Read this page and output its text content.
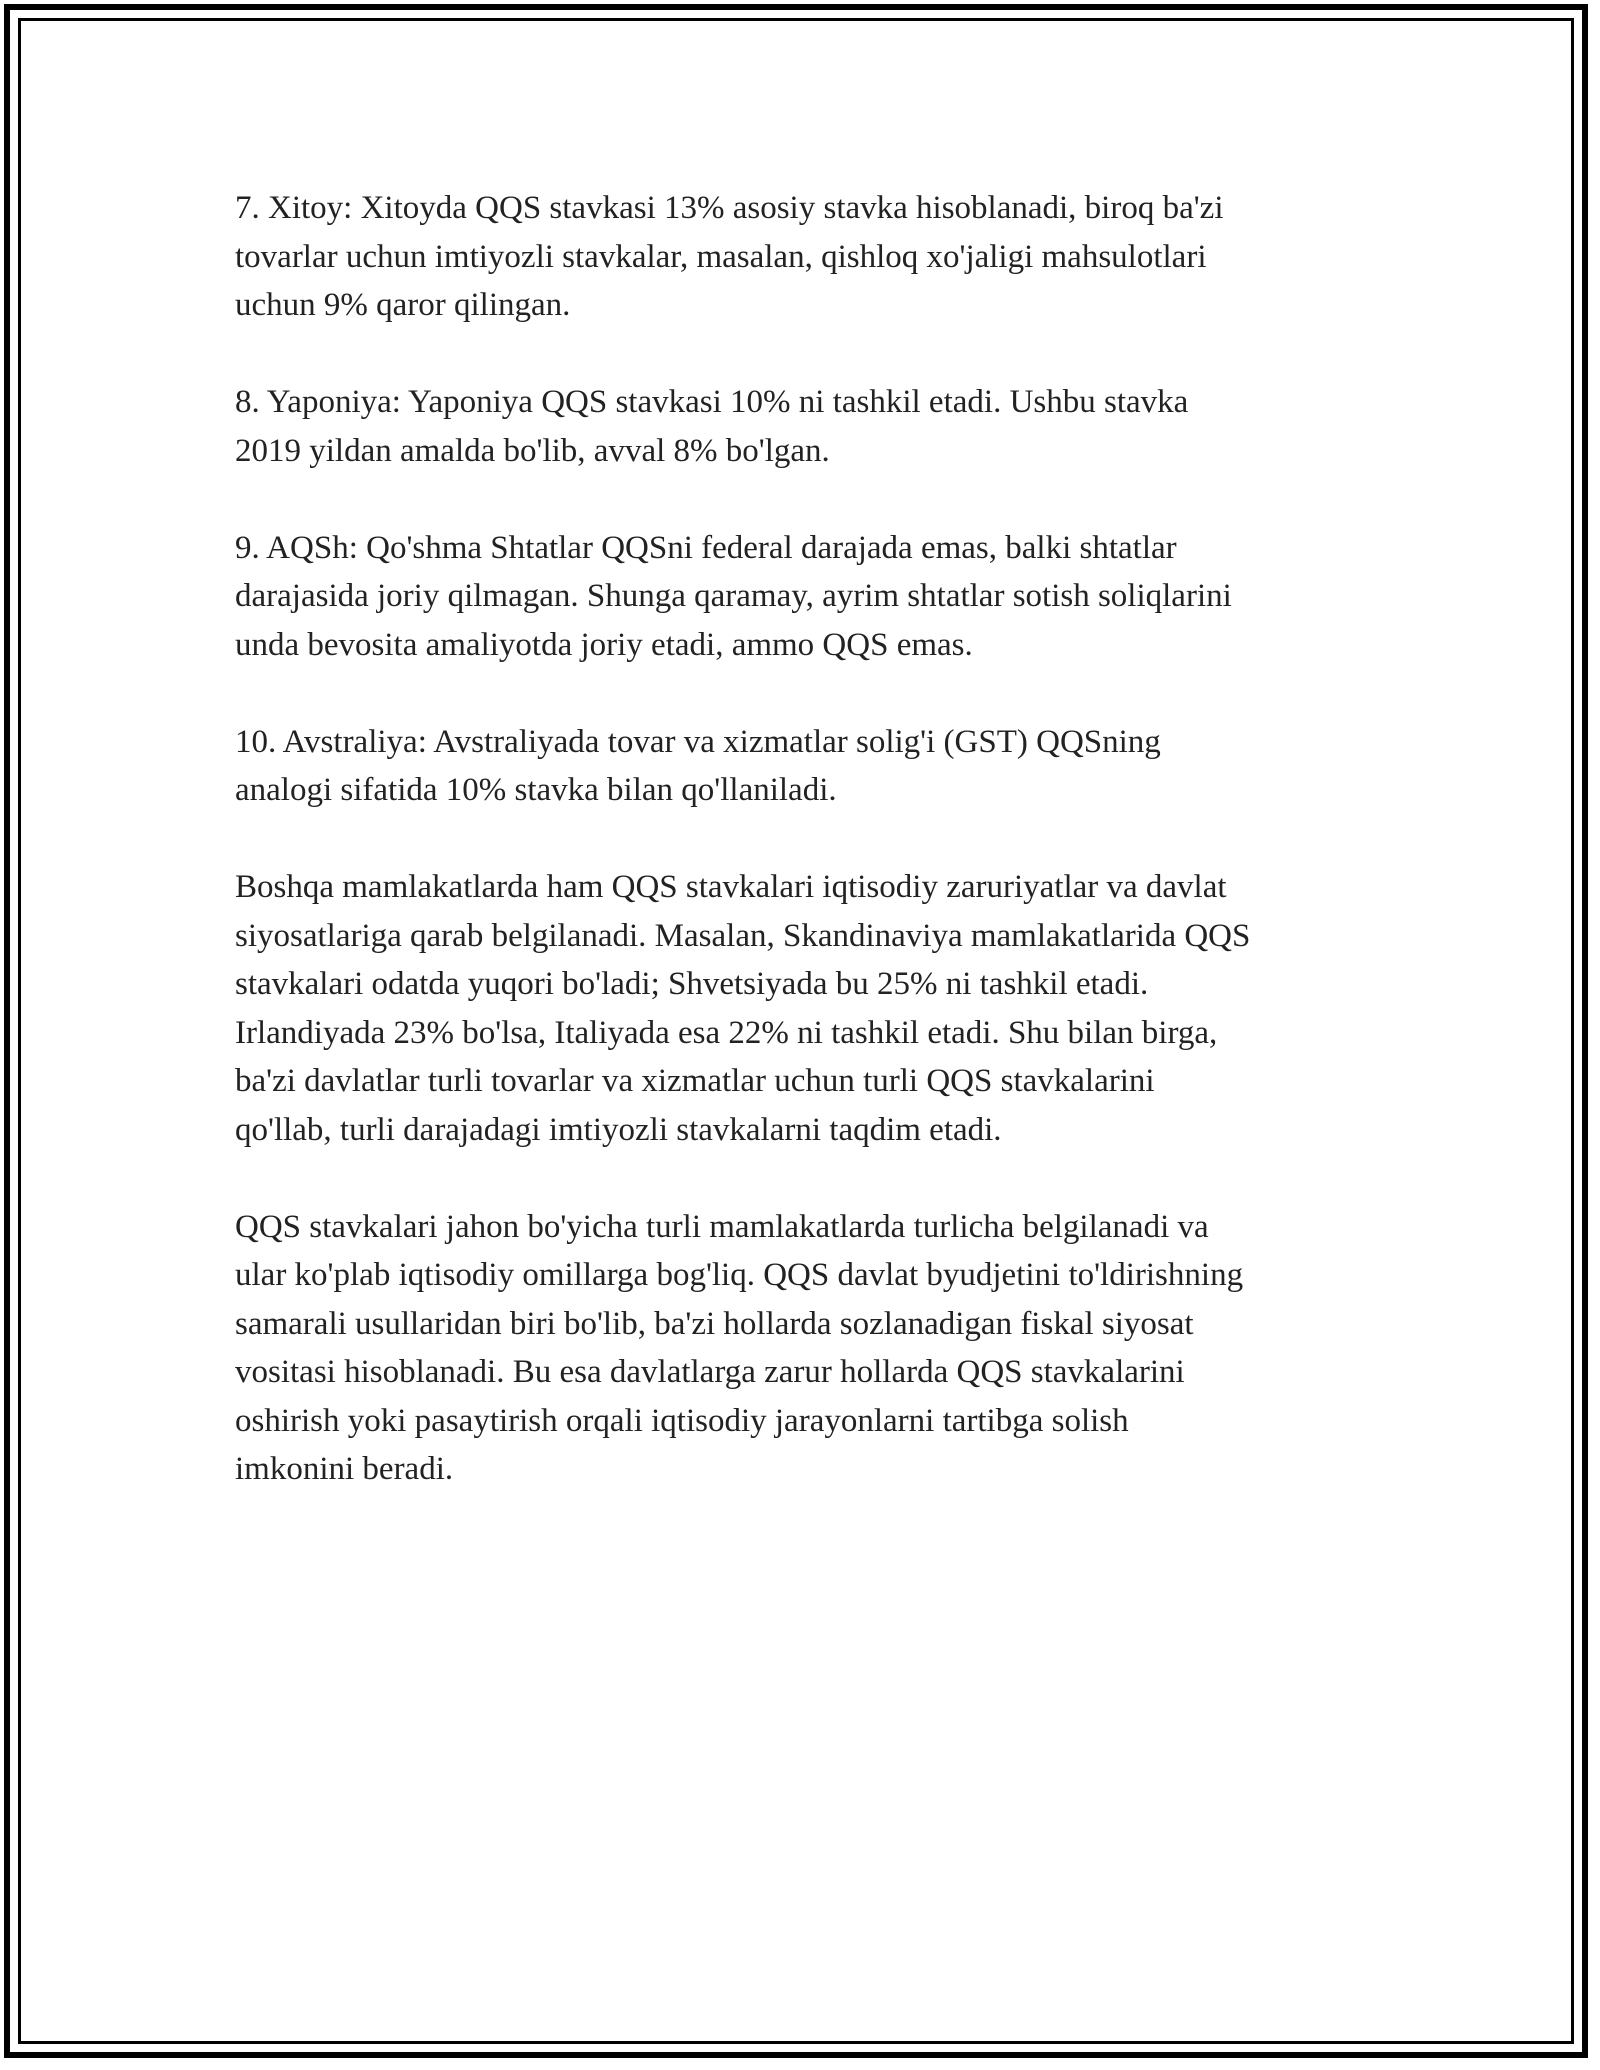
7. Xitoy: Xitoyda QQS stavkasi 13% asosiy stavka hisoblanadi, biroq ba'zi
tovarlar uchun imtiyozli stavkalar, masalan, qishloq xo'jaligi mahsulotlari
uchun 9% qaror qilingan.

8. Yaponiya: Yaponiya QQS stavkasi 10% ni tashkil etadi. Ushbu stavka
2019 yildan amalda bo'lib, avval 8% bo'lgan.

9. AQSh: Qo'shma Shtatlar QQSni federal darajada emas, balki shtatlar
darajasida joriy qilmagan. Shunga qaramay, ayrim shtatlar sotish soliqlarini
unda bevosita amaliyotda joriy etadi, ammo QQS emas.

10. Avstraliya: Avstraliyada tovar va xizmatlar solig'i (GST) QQSning
analogi sifatida 10% stavka bilan qo'llaniladi.

Boshqa mamlakatlarda ham QQS stavkalari iqtisodiy zaruriyatlar va davlat
siyosatlariga qarab belgilanadi. Masalan, Skandinaviya mamlakatlarida QQS
stavkalari odatda yuqori bo'ladi; Shvetsiyada bu 25% ni tashkil etadi.
Irlandiyada 23% bo'lsa, Italiyada esa 22% ni tashkil etadi. Shu bilan birga,
ba'zi davlatlar turli tovarlar va xizmatlar uchun turli QQS stavkalarini
qo'llab, turli darajadagi imtiyozli stavkalarni taqdim etadi.

QQS stavkalari jahon bo'yicha turli mamlakatlarda turlicha belgilanadi va
ular ko'plab iqtisodiy omillarga bog'liq. QQS davlat byudjetini to'ldirishning
samarali usullaridan biri bo'lib, ba'zi hollarda sozlanadigan fiskal siyosat
vositasi hisoblanadi. Bu esa davlatlarga zarur hollarda QQS stavkalarini
oshirish yoki pasaytirish orqali iqtisodiy jarayonlarni tartibga solish
imkonini beradi.
